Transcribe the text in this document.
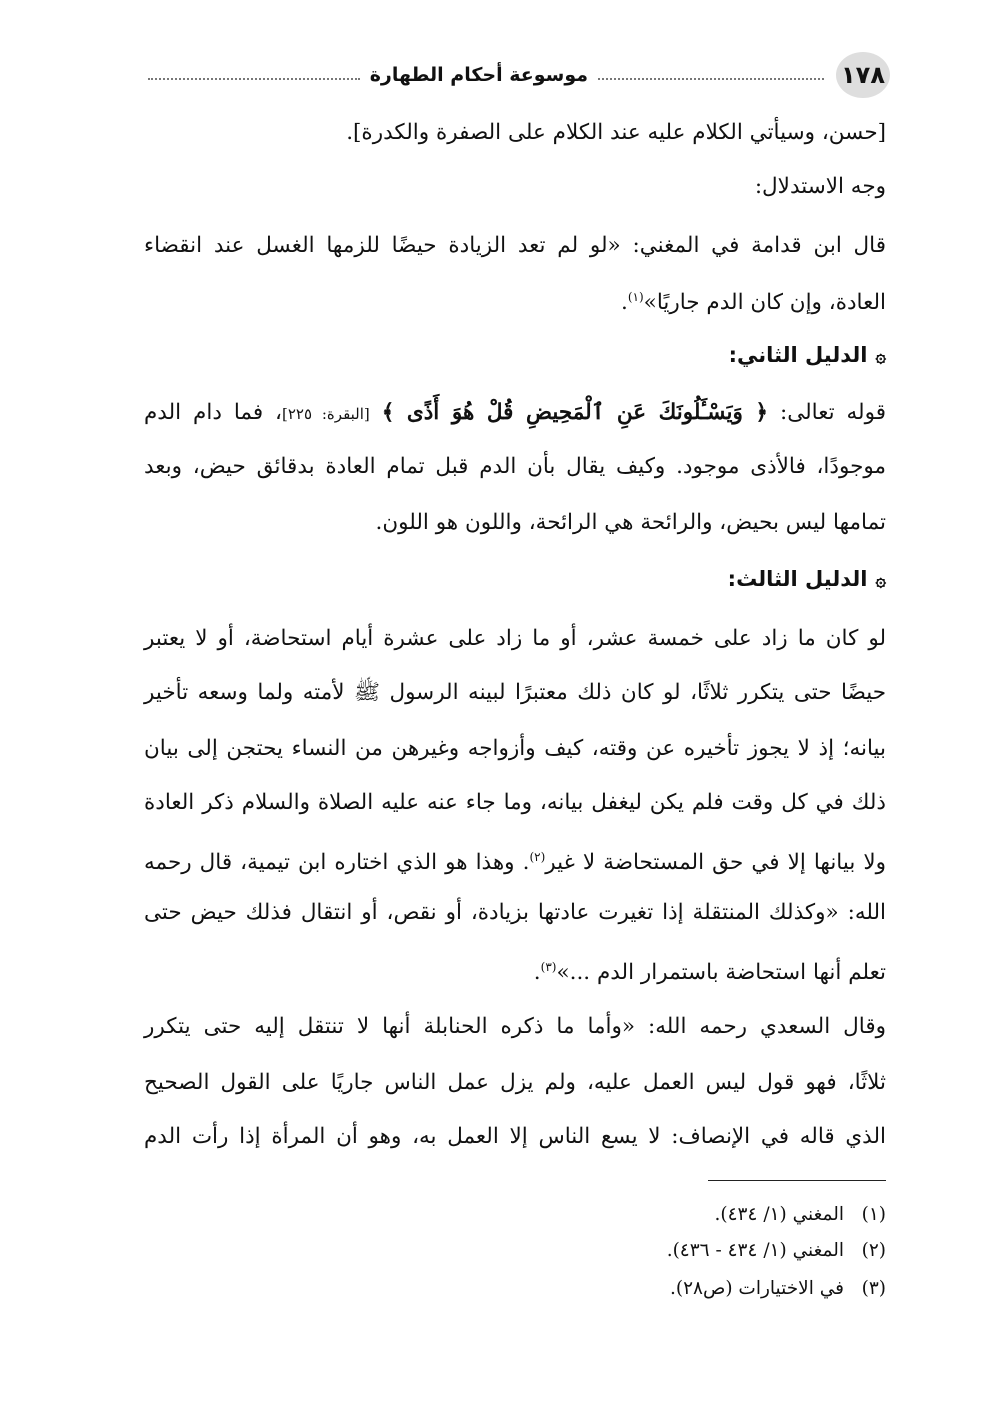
١٧٨
موسوعة أحكام الطهارة
[حسن، وسيأتي الكلام عليه عند الكلام على الصفرة والكدرة].
وجه الاستدلال:
قال ابن قدامة في المغني: «لو لم تعد الزيادة حيضًا للزمها الغسل عند انقضاء
العادة، وإن كان الدم جاريًا»$^{(١)}$.
۞الدليل الثاني:
قوله تعالى: ﴿ وَيَسْـَٔلُونَكَ عَنِ ٱلْمَحِيضِ قُلْ هُوَ أَذًى ﴾ [البقرة: ٢٢٥]، فما دام الدم
موجودًا، فالأذى موجود. وكيف يقال بأن الدم قبل تمام العادة بدقائق حيض، وبعد
تمامها ليس بحيض، والرائحة هي الرائحة، واللون هو اللون.
۞الدليل الثالث:
لو كان ما زاد على خمسة عشر، أو ما زاد على عشرة أيام استحاضة، أو لا يعتبر
حيضًا حتى يتكرر ثلاثًا، لو كان ذلك معتبرًا لبينه الرسول ﷺ لأمته ولما وسعه تأخير
بيانه؛ إذ لا يجوز تأخيره عن وقته، كيف وأزواجه وغيرهن من النساء يحتجن إلى بيان
ذلك في كل وقت فلم يكن ليغفل بيانه، وما جاء عنه عليه الصلاة والسلام ذكر العادة
ولا بيانها إلا في حق المستحاضة لا غير$^{(٢)}$. وهذا هو الذي اختاره ابن تيمية، قال رحمه
الله: «وكذلك المنتقلة إذا تغيرت عادتها بزيادة، أو نقص، أو انتقال فذلك حيض حتى
تعلم أنها استحاضة باستمرار الدم ...»$^{(٣)}$.
وقال السعدي رحمه الله: «وأما ما ذكره الحنابلة أنها لا تنتقل إليه حتى يتكرر
ثلاثًا، فهو قول ليس العمل عليه، ولم يزل عمل الناس جاريًا على القول الصحيح
الذي قاله في الإنصاف: لا يسع الناس إلا العمل به، وهو أن المرأة إذا رأت الدم
(١)المغني (١/ ٤٣٤).
(٢)المغني (١/ ٤٣٤ - ٤٣٦).
(٣)في الاختيارات (ص٢٨).
